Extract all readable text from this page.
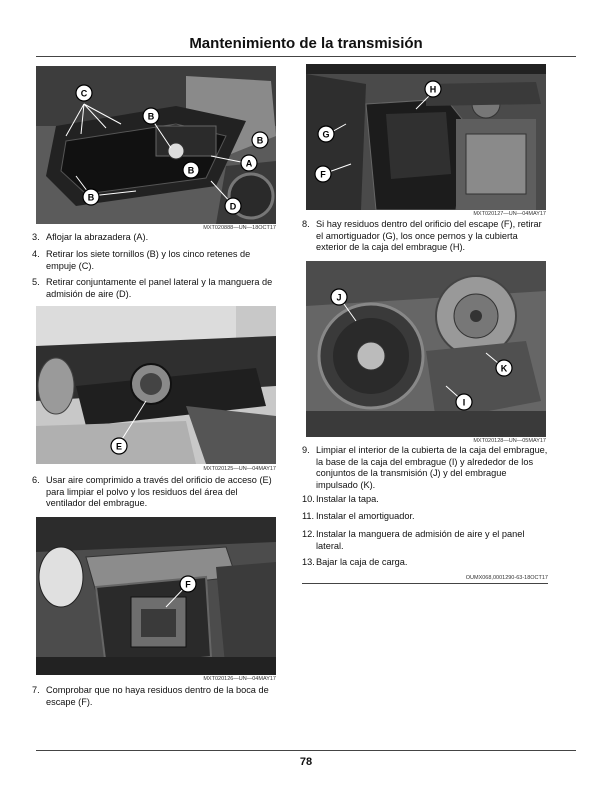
Mantenimiento de la transmisión
C
B
B
B
A
B
D
MXT020888—UN—18OCT17
H
G
F
MXT020127—UN—04MAY17
3. Aflojar la abrazadera (A).
4. Retirar los siete tornillos (B) y los cinco retenes de empuje (C).
5. Retirar conjuntamente el panel lateral y la manguera de admisión de aire (D).
8. Si hay residuos dentro del orificio del escape (F), retirar el amortiguador (G), los once pernos y la cubierta exterior de la caja del embrague (H).
J
K
I
MXT020128—UN—05MAY17
E
MXT020125—UN—04MAY17
9. Limpiar el interior de la cubierta de la caja del embrague, la base de la caja del embrague (I) y alrededor de los conjuntos de la transmisión (J) y del embrague impulsado (K).
10. Instalar la tapa.
11. Instalar el amortiguador.
12. Instalar la manguera de admisión de aire y el panel lateral.
13. Bajar la caja de carga.
OUMX068,0001290-63-18OCT17
6. Usar aire comprimido a través del orificio de acceso (E) para limpiar el polvo y los residuos del área del ventilador del embrague.
F
MXT020126—UN—04MAY17
7. Comprobar que no haya residuos dentro de la boca de escape (F).
78
